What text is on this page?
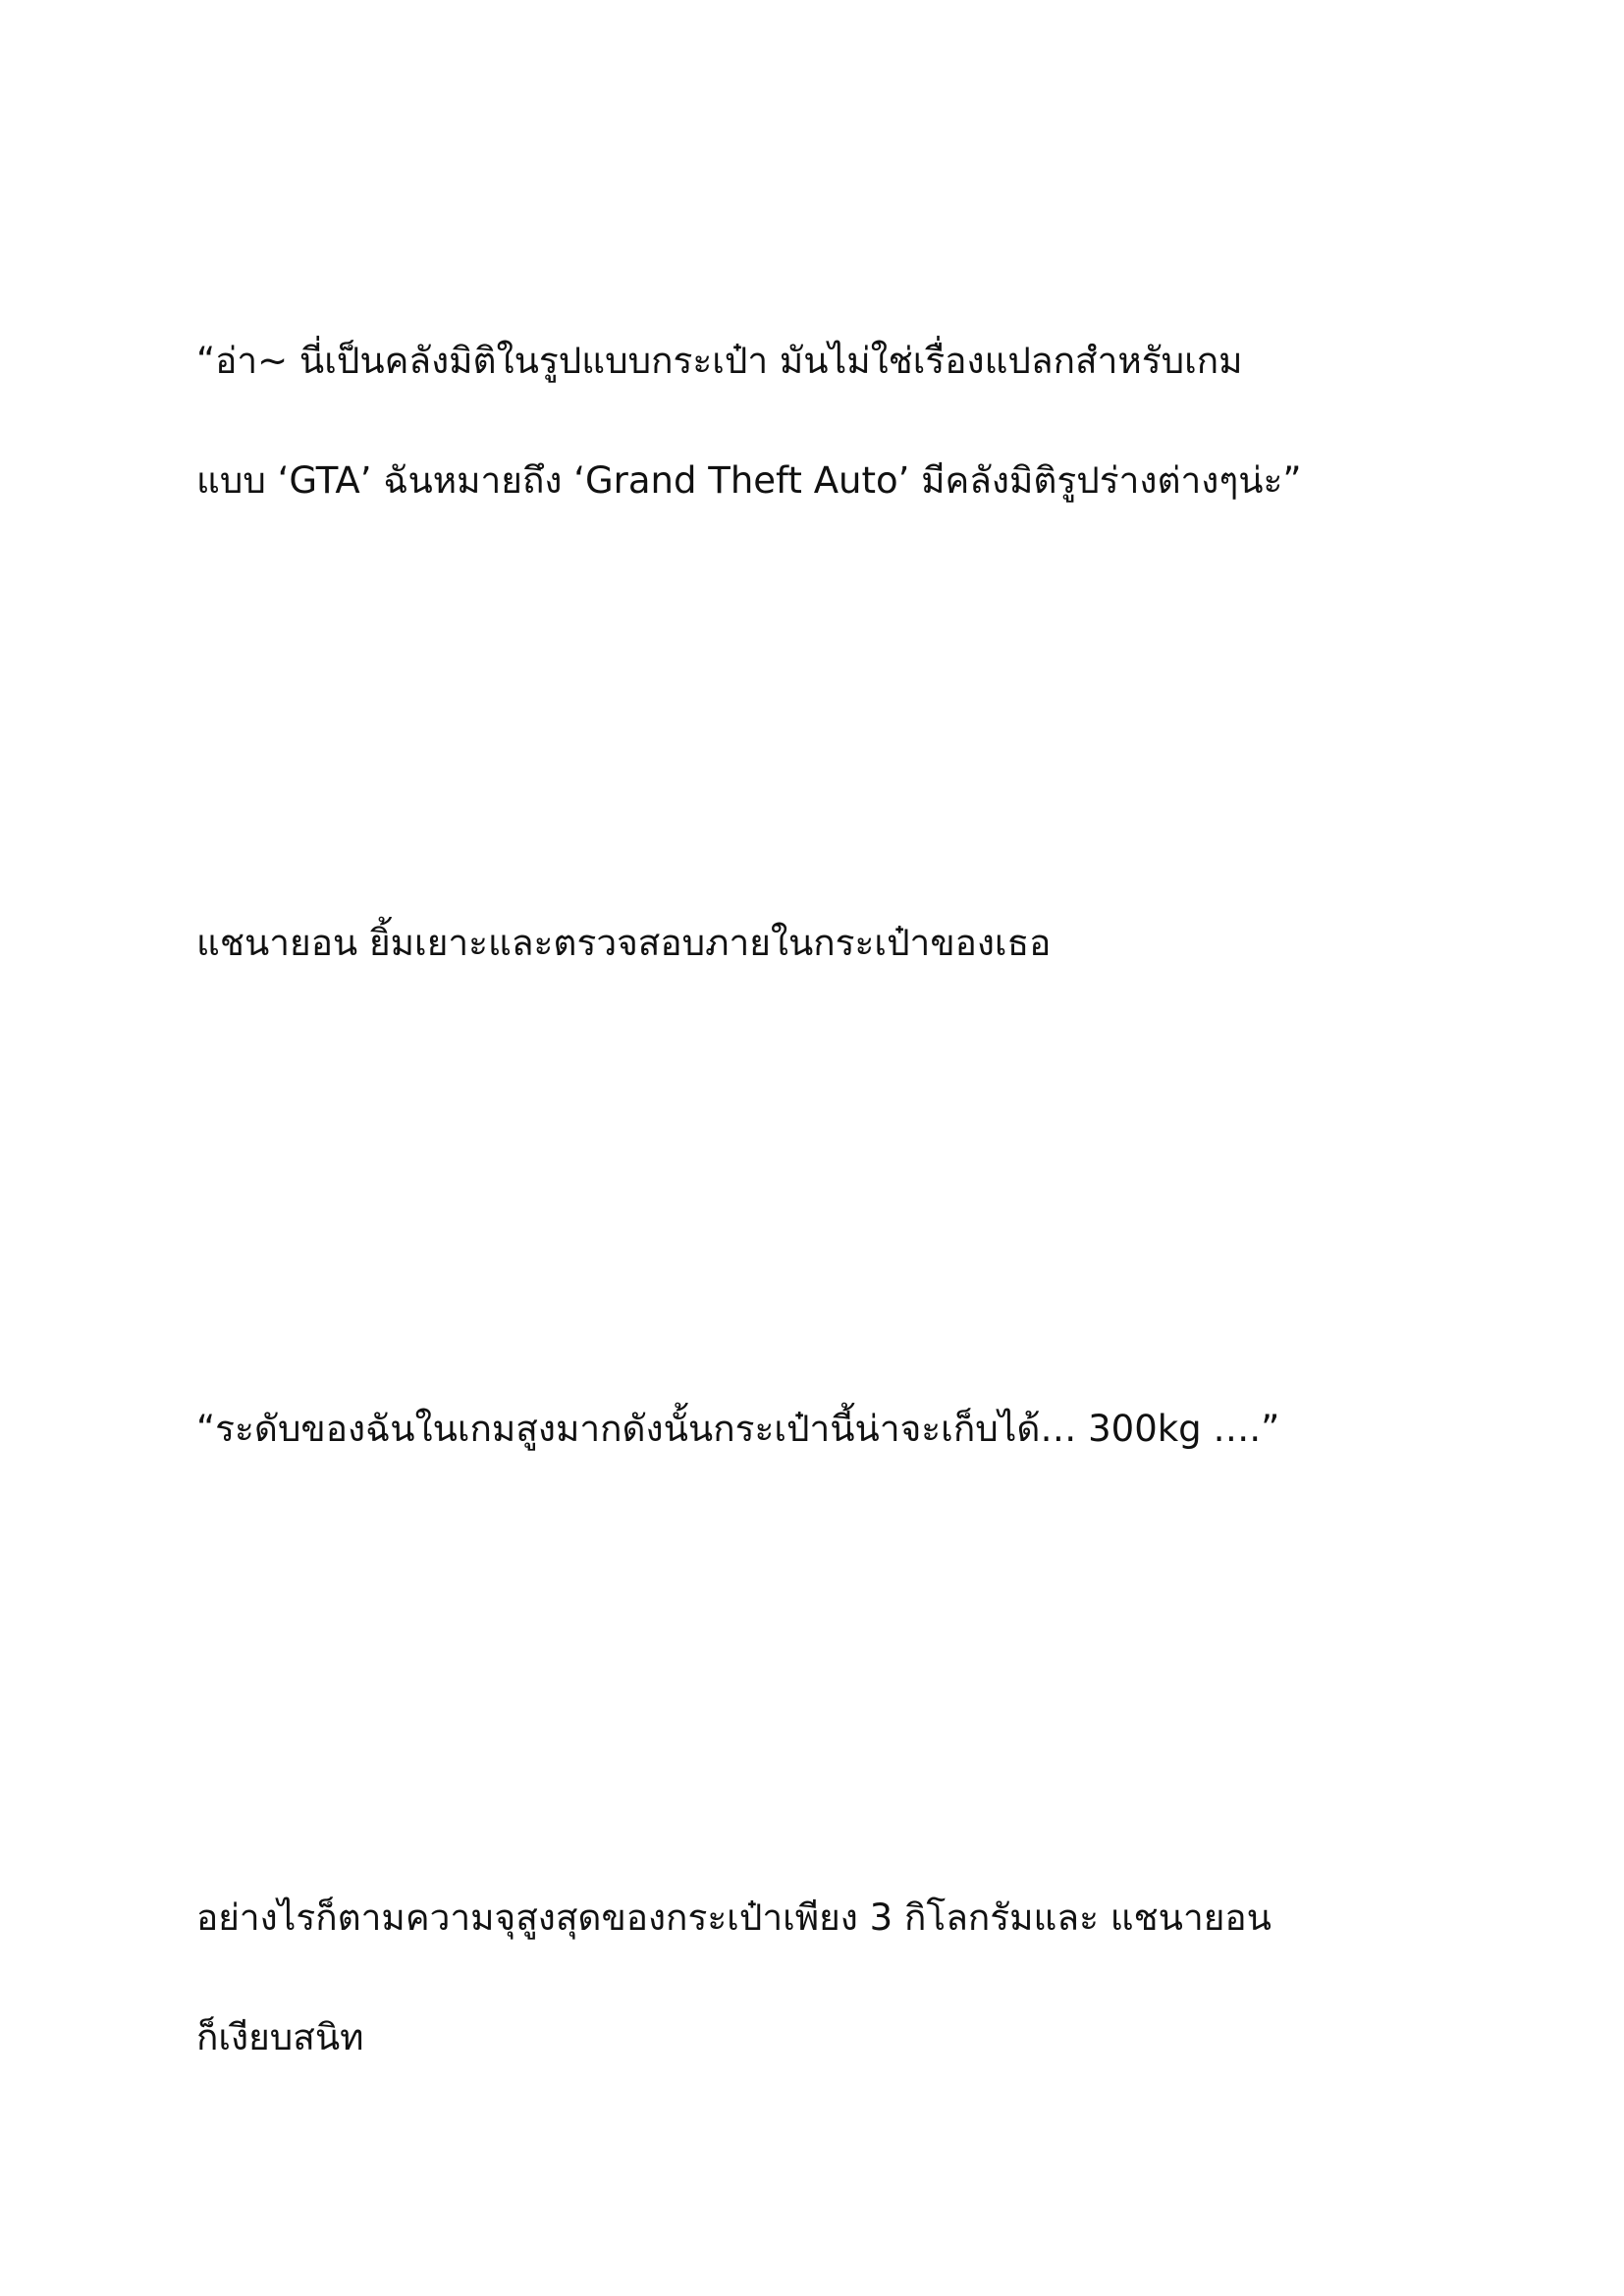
“อ่า~ นี่เป็นคลังมิติในรูปแบบกระเป๋า มันไม่ใช่เรื่องแปลกสำหรับเกม
แบบ ‘GTA’ ฉันหมายถึง ‘Grand Theft Auto’ มีคลังมิติรูปร่างต่างๆน่ะ”

แชนายอน ยิ้มเยาะและตรวจสอบภายในกระเป๋าของเธอ

“ระดับของฉันในเกมสูงมากดังนั้นกระเป๋านี้น่าจะเก็บได้… 300kg ….”

อย่างไรก็ตามความจุสูงสุดของกระเป๋าเพียง 3 กิโลกรัมและ แชนายอน
ก็เงียบสนิท
